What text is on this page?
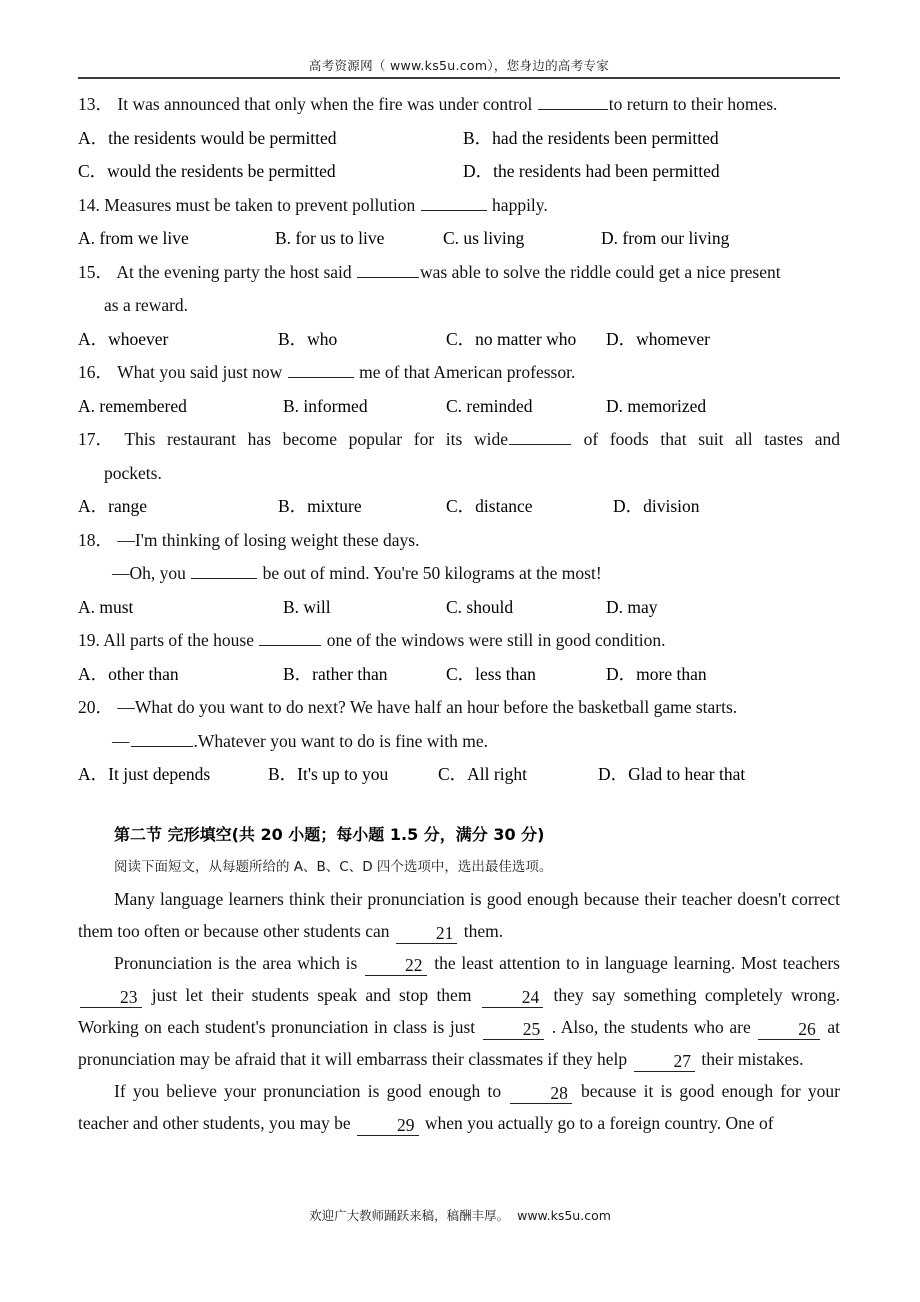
高考资源网（ www.ks5u.com），您身边的高考专家
13． It was announced that only when the fire was under control	to return to their homes.
A．the residents would be permitted	B．had the residents been permitted
C．would the residents be permitted	D．the residents had been permitted
14. Measures must be taken to prevent pollution	happily.
A. from we live	B. for us to live	C. us living	D. from our living
15． At the evening party the host said	was able to solve the riddle could get a nice present
as a reward.
A．whoever	B．who	C．no matter who D．whomever
16． What you said just now	me of that American professor.
A. remembered	B. informed	C. reminded	D. memorized
17． This restaurant has become popular for its wide	of foods that suit all tastes and
pockets.
A．range	B．mixture	C．distance	D．division
18． —I'm thinking of losing weight these days.
—Oh, you	be out of mind. You're 50 kilograms at the most!
A. must	B. will	C. should	D. may
19. All parts of the house	one of the windows were still in good condition.
A．other than	B．rather than	C．less than	D．more than
20． —What do you want to do next? We have half an hour before the basketball game starts.
—	.Whatever you want to do is fine with me.
A．It just depends	B．It's up to you	C．All right	D．Glad to hear that
第二节 完形填空(共 20 小题；每小题 1.5 分，满分 30 分)
阅读下面短文，从每题所给的 A、B、C、D 四个选项中，选出最佳选项。
Many language learners think their pronunciation is good enough because their teacher doesn't correct them too often or because other students can 21 them.
Pronunciation is the area which is 22 the least attention to in language learning. Most teachers 23 just let their students speak and stop them 24 they say something completely wrong. Working on each student's pronunciation in class is just 25 . Also, the students who are 26 at pronunciation may be afraid that it will embarrass their classmates if they help 27 their mistakes.
If you believe your pronunciation is good enough to 28 because it is good enough for your teacher and other students, you may be 29 when you actually go to a foreign country. One of
欢迎广大教师踊跃来稿，稿酬丰厚。 www.ks5u.com
